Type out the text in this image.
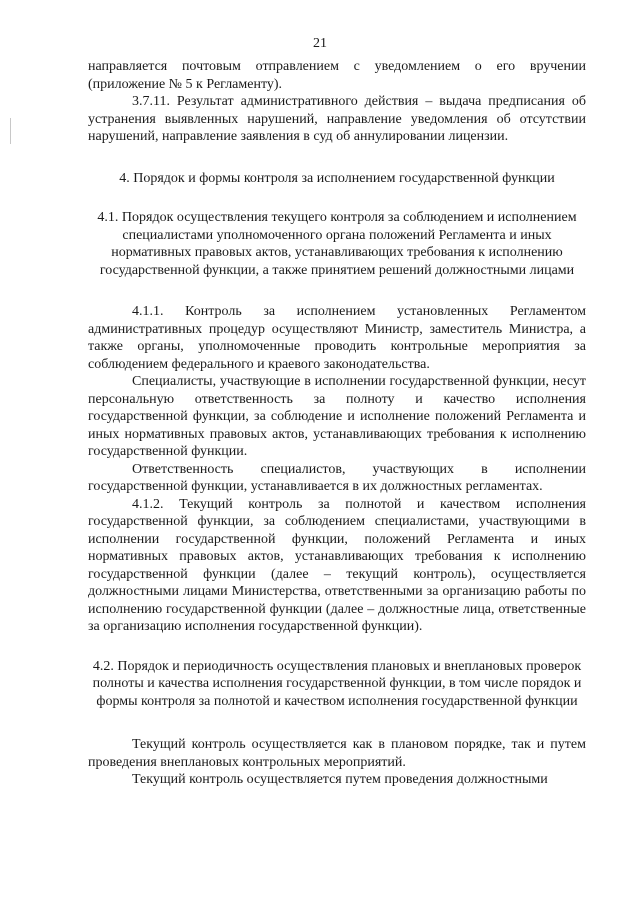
21

направляется почтовым отправлением с уведомлением о его вручении (приложение № 5 к Регламенту).

3.7.11. Результат административного действия – выдача предписания об устранения выявленных нарушений, направление уведомления об отсутствии нарушений, направление заявления в суд об аннулировании лицензии.

4. Порядок и формы контроля за исполнением государственной функции

4.1. Порядок осуществления текущего контроля за соблюдением и исполнением специалистами уполномоченного органа положений Регламента и иных нормативных правовых актов, устанавливающих требования к исполнению государственной функции, а также принятием решений должностными лицами

4.1.1. Контроль за исполнением установленных Регламентом административных процедур осуществляют Министр, заместитель Министра, а также органы, уполномоченные проводить контрольные мероприятия за соблюдением федерального и краевого законодательства.

Специалисты, участвующие в исполнении государственной функции, несут персональную ответственность за полноту и качество исполнения государственной функции, за соблюдение и исполнение положений Регламента и иных нормативных правовых актов, устанавливающих требования к исполнению государственной функции.

Ответственность специалистов, участвующих в исполнении государственной функции, устанавливается в их должностных регламентах.

4.1.2. Текущий контроль за полнотой и качеством исполнения государственной функции, за соблюдением специалистами, участвующими в исполнении государственной функции, положений Регламента и иных нормативных правовых актов, устанавливающих требования к исполнению государственной функции (далее – текущий контроль), осуществляется должностными лицами Министерства, ответственными за организацию работы по исполнению государственной функции (далее – должностные лица, ответственные за организацию исполнения государственной функции).

4.2. Порядок и периодичность осуществления плановых и внеплановых проверок полноты и качества исполнения государственной функции, в том числе порядок и формы контроля за полнотой и качеством исполнения государственной функции

Текущий контроль осуществляется как в плановом порядке, так и путем проведения внеплановых контрольных мероприятий.

Текущий контроль осуществляется путем проведения должностными
